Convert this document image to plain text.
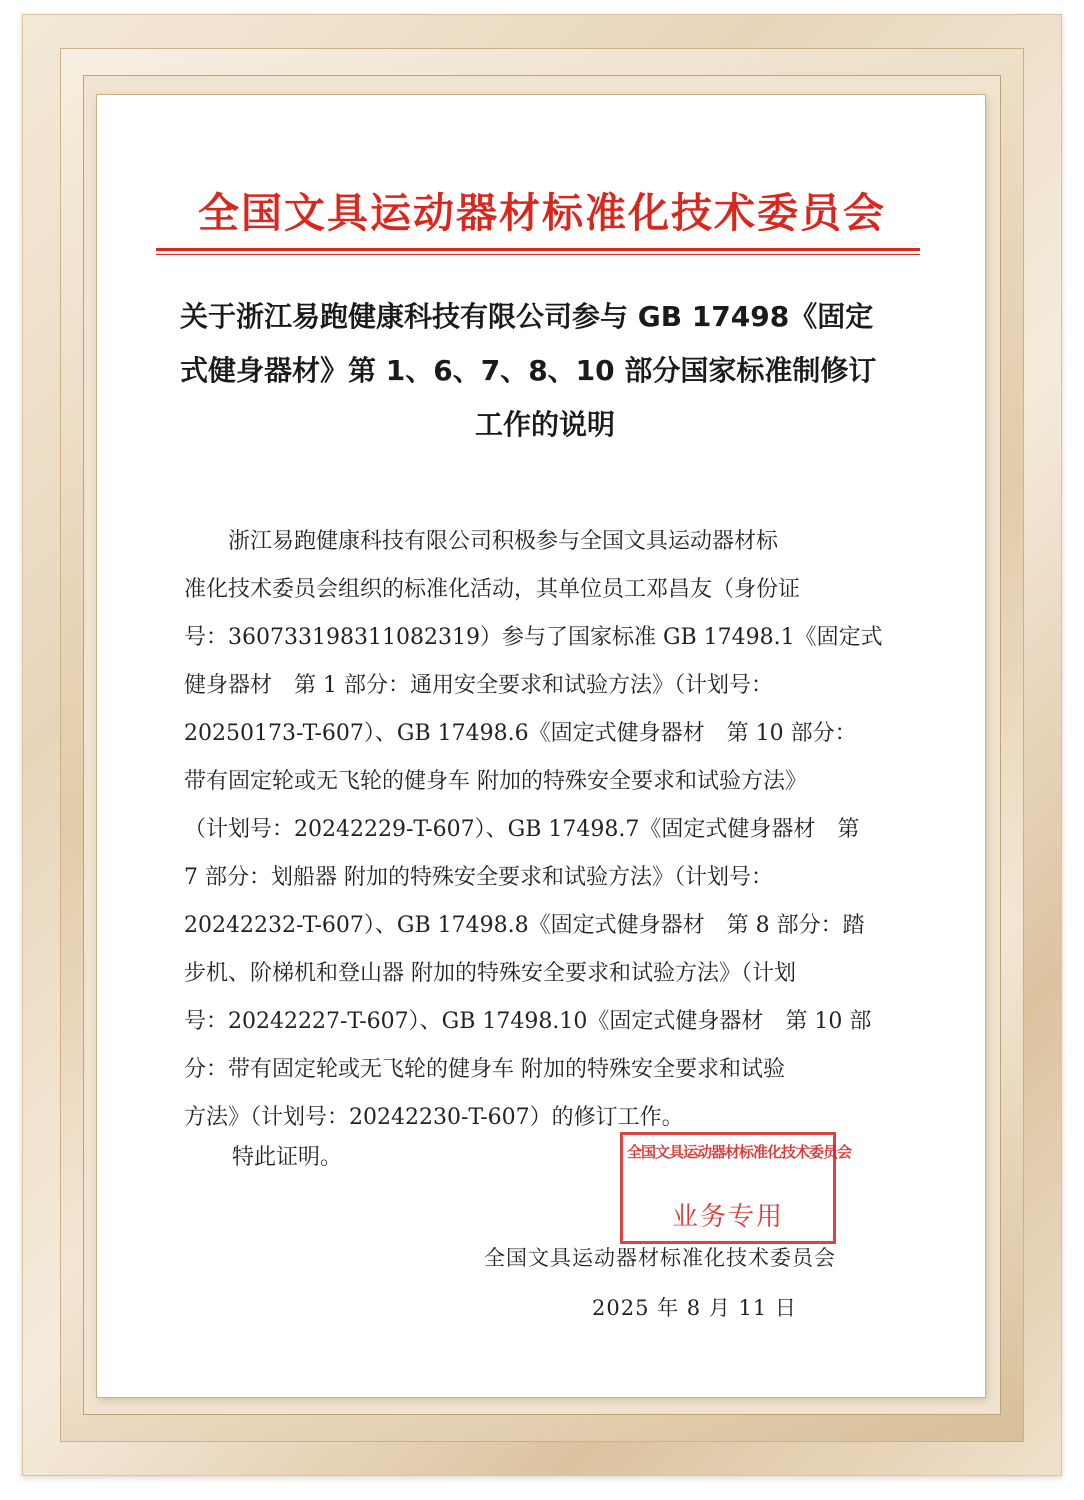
全国文具运动器材标准化技术委员会
关于浙江易跑健康科技有限公司参与 GB 17498《固定
式健身器材》第 1、6、7、8、10 部分国家标准制修订
工作的说明
　　浙江易跑健康科技有限公司积极参与全国文具运动器材标
准化技术委员会组织的标准化活动，其单位员工邓昌友（身份证
号：360733198311082319）参与了国家标准 GB 17498.1《固定式
健身器材　第 1 部分：通用安全要求和试验方法》（计划号：
20250173-T-607）、GB 17498.6《固定式健身器材　第 10 部分：
带有固定轮或无飞轮的健身车 附加的特殊安全要求和试验方法》
（计划号：20242229-T-607）、GB 17498.7《固定式健身器材　第
7 部分：划船器 附加的特殊安全要求和试验方法》（计划号：
20242232-T-607）、GB 17498.8《固定式健身器材　第 8 部分：踏
步机、阶梯机和登山器 附加的特殊安全要求和试验方法》（计划
号：20242227-T-607）、GB 17498.10《固定式健身器材　第 10 部
分：带有固定轮或无飞轮的健身车 附加的特殊安全要求和试验
方法》（计划号：20242230-T-607）的修订工作。
特此证明。
全国文具运动器材标准化技术委员会
2025 年 8 月 11 日
全国文具运动器材标准化技术委员会
业务专用
